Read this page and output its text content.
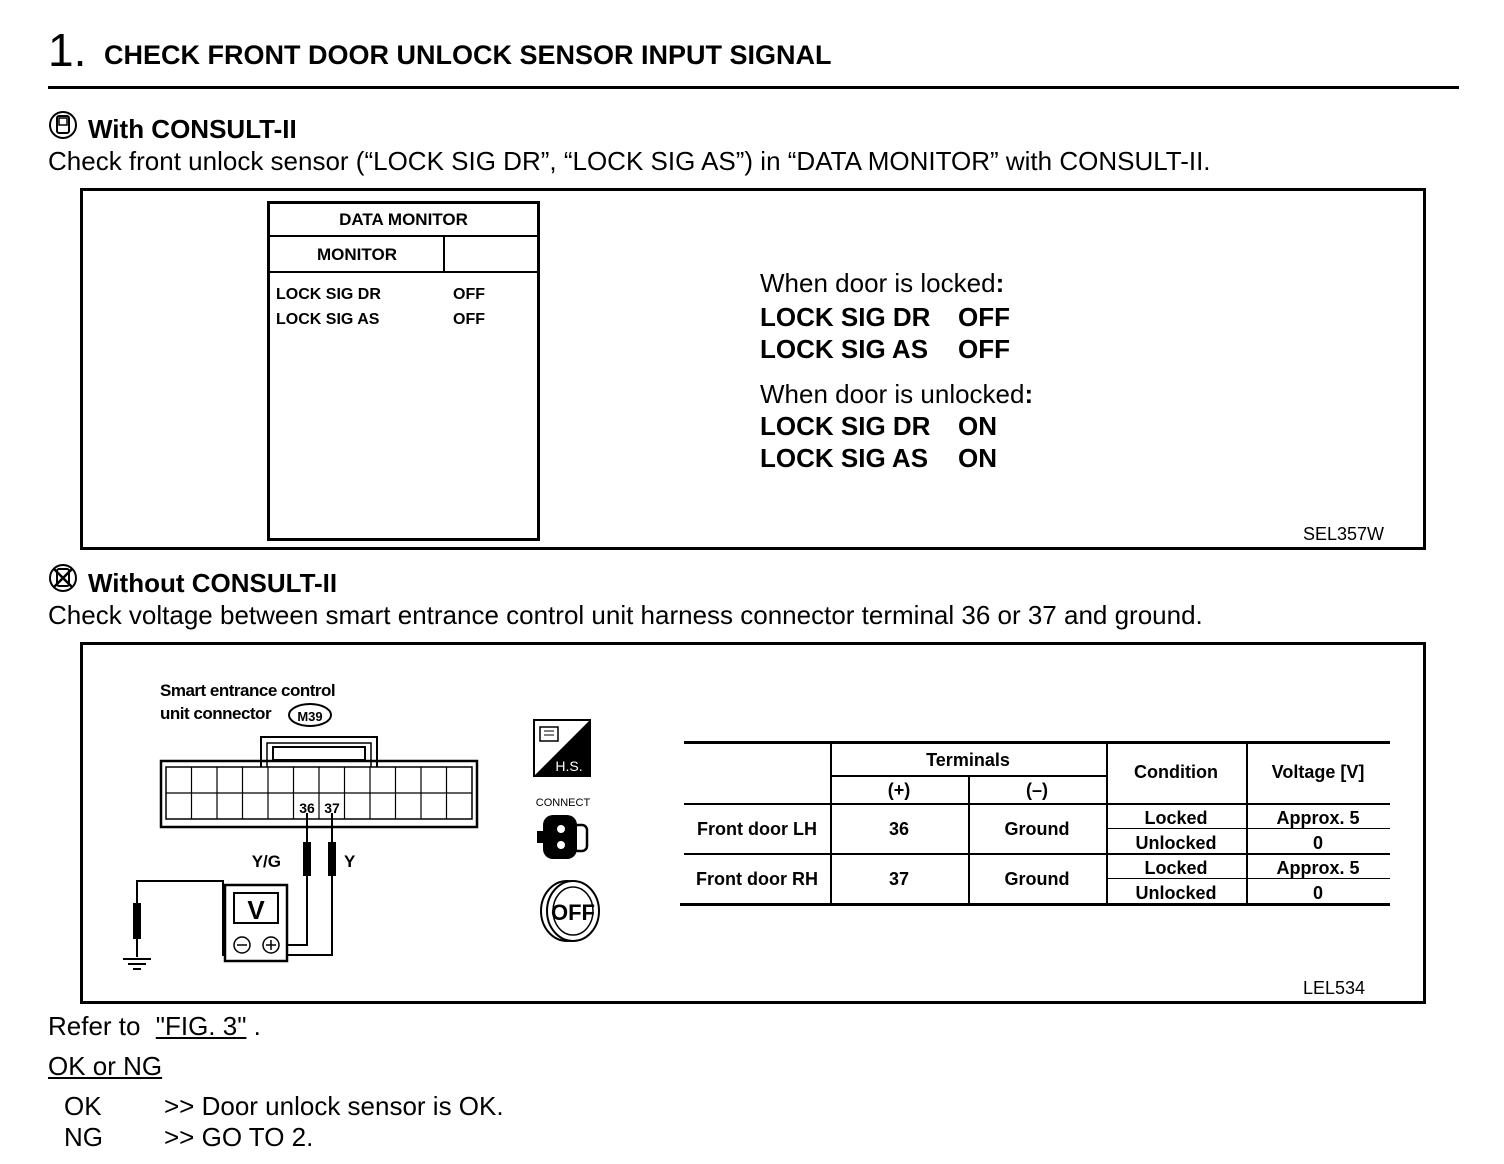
1. CHECK FRONT DOOR UNLOCK SENSOR INPUT SIGNAL
With CONSULT-II
Check front unlock sensor (“LOCK SIG DR”, “LOCK SIG AS”) in “DATA MONITOR” with CONSULT-II.
DATA MONITOR
MONITOR
LOCK SIG DR	OFF
LOCK SIG AS	OFF
When door is locked:
LOCK SIG DR OFF
LOCK SIG AS OFF
When door is unlocked:
LOCK SIG DR ON
LOCK SIG AS ON
SEL357W
Without CONSULT-II
Check voltage between smart entrance control unit harness connector terminal 36 or 37 and ground.
Smart entrance control
unit connector M39
36 37
Y/G	Y
V
H.S.
CONNECT
OFF
Terminals
(+)	(–)
Condition	Voltage [V]
Front door LH	36	Ground
Locked	Approx. 5
Unlocked	0
Front door RH	37	Ground
Locked	Approx. 5
Unlocked	0
LEL534
Refer to "FIG. 3" .
OK or NG
OK >> Door unlock sensor is OK.
NG >> GO TO 2.
